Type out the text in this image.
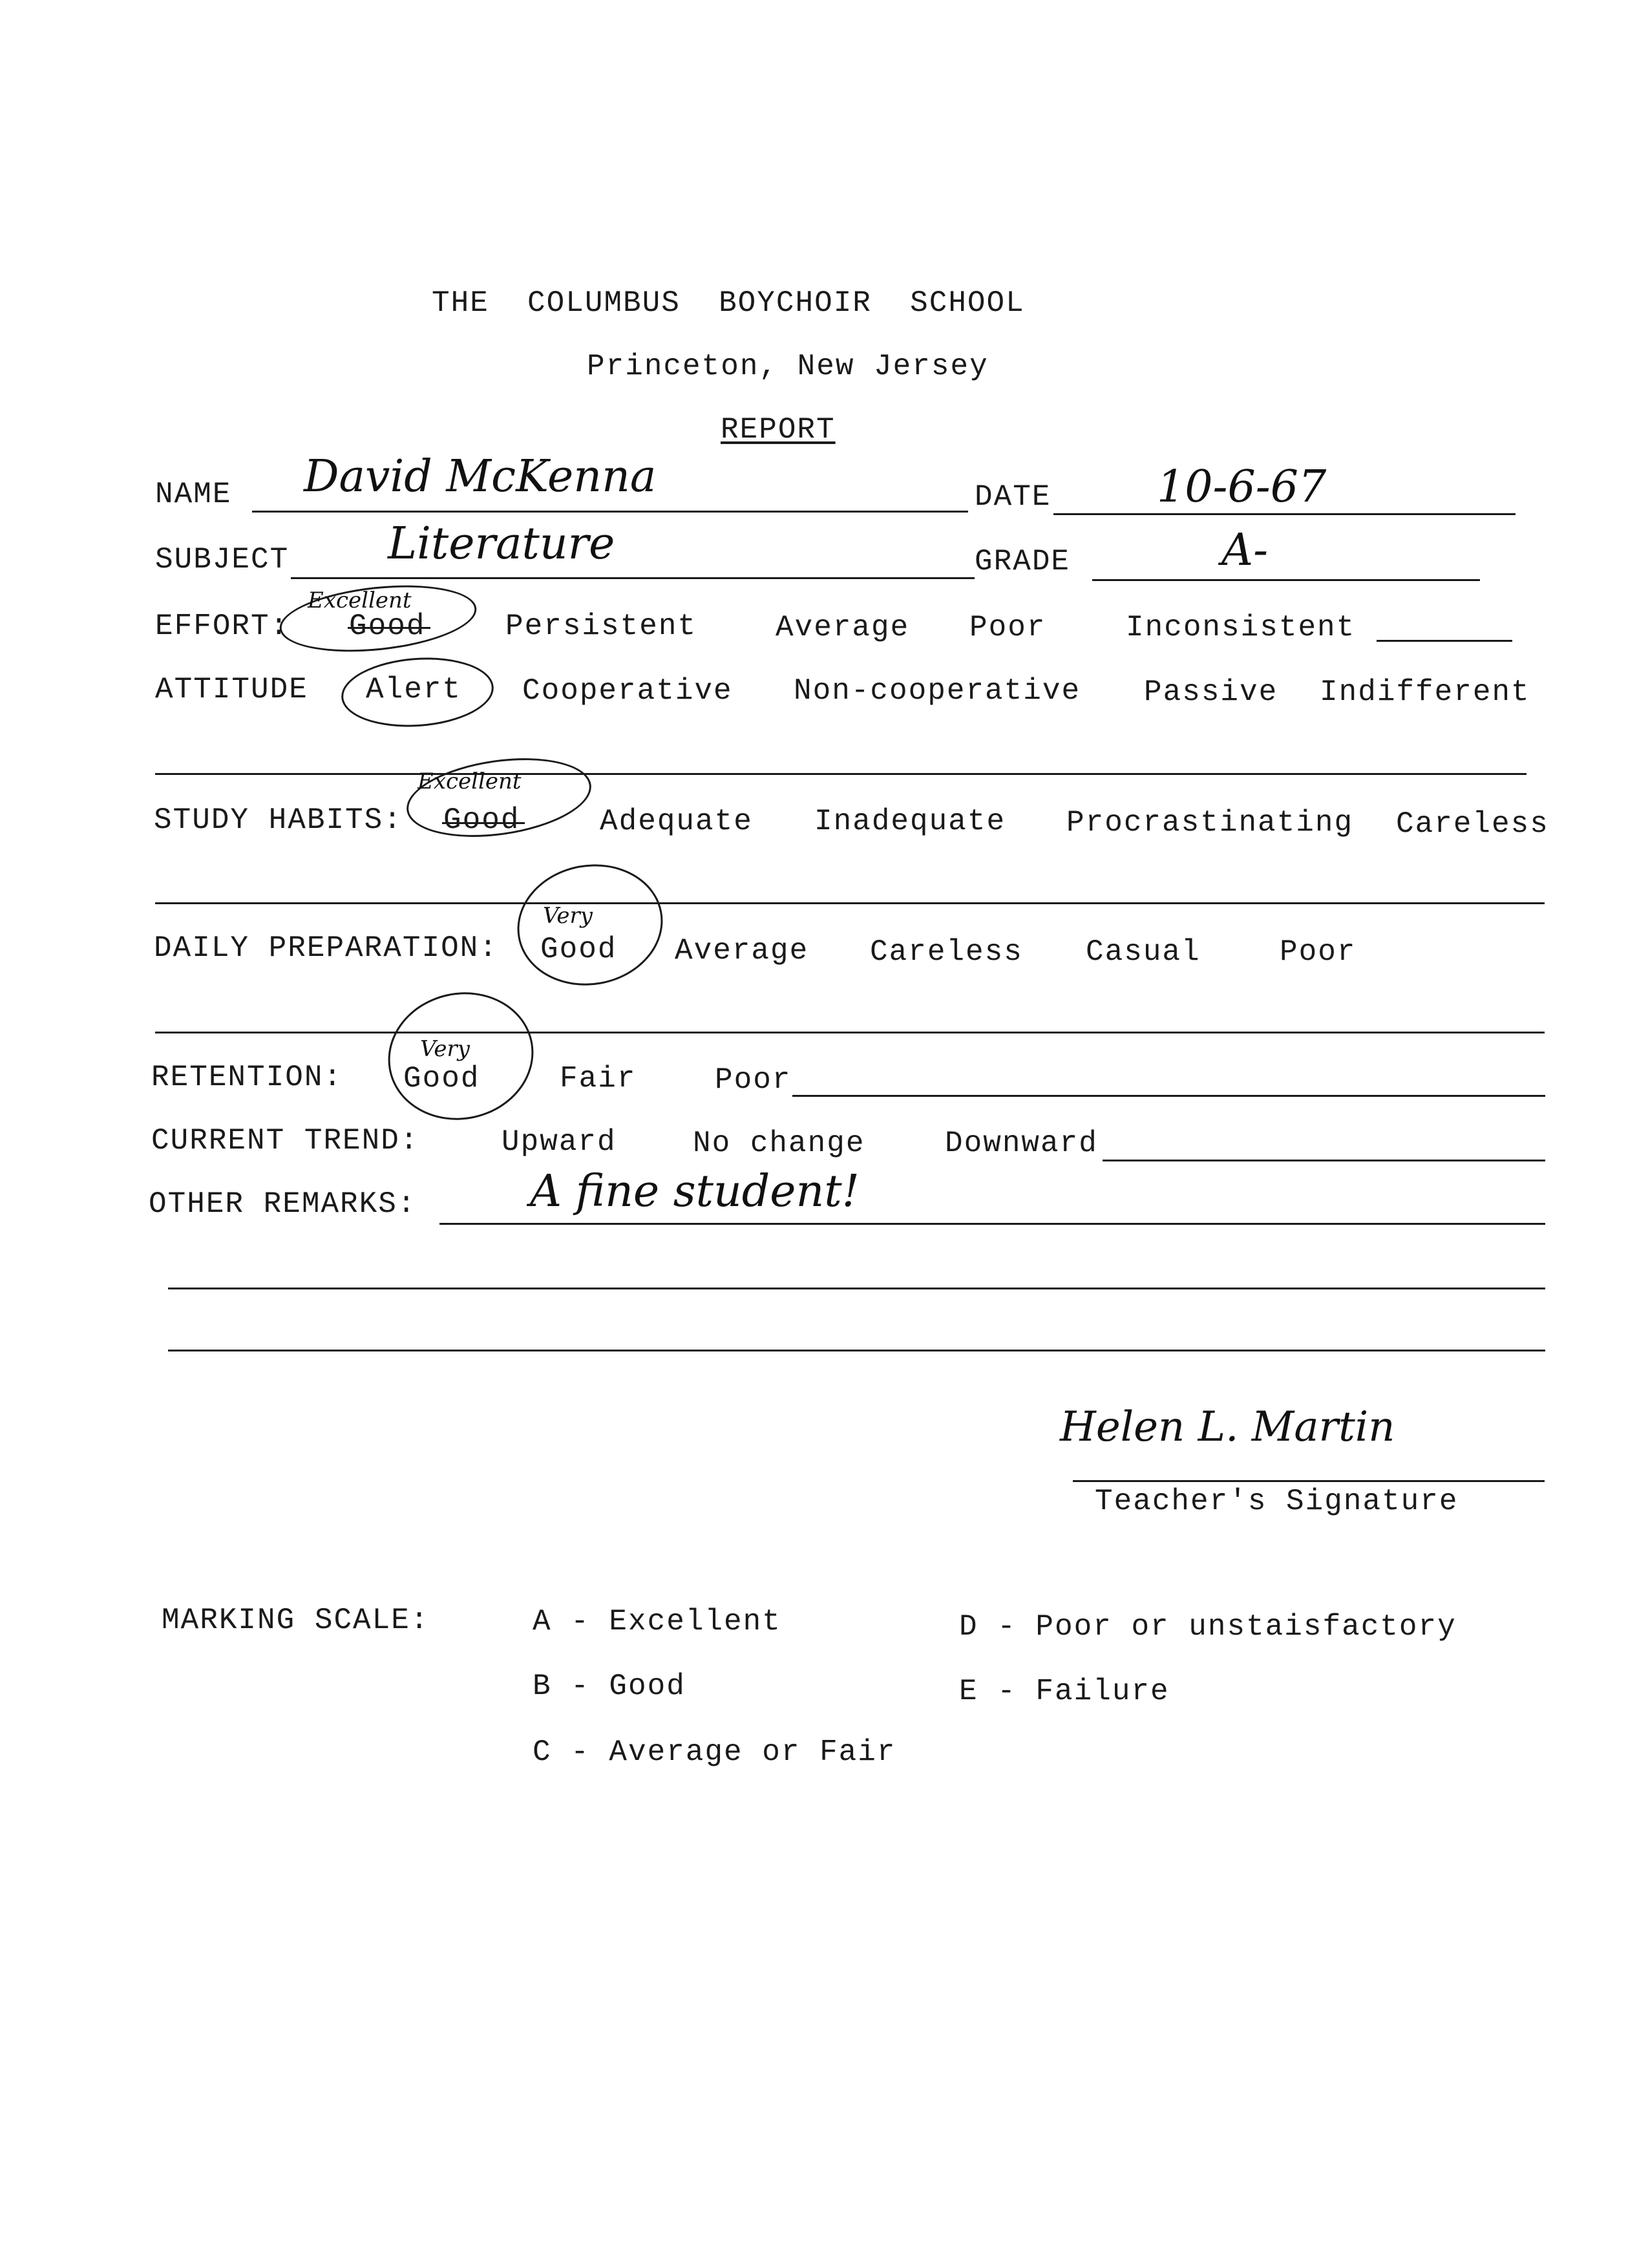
THE  COLUMBUS  BOYCHOIR  SCHOOL
Princeton, New Jersey
REPORT
NAME David McKenna	DATE 10-6-67
SUBJECT Literature	GRADE	A-
EFFORT:
Excellent
Good	Persistent	Average Poor	Inconsistent
ATTITUDE Alert Cooperative Non-cooperative Passive Indifferent
STUDY HABITS:
Excellent
Good	Adequate Inadequate Procrastinating Careless
DAILY PREPARATION:
Very
Good Average Careless Casual	Poor
RETENTION:
Very
Good	Fair	Poor
CURRENT TREND:	Upward	No change	Downward
OTHER REMARKS:	A fine student!
Helen L. Martin
Teacher's Signature
MARKING SCALE:	A - Excellent
B - Good
C - Average or Fair
D - Poor or unstaisfactory
E - Failure
